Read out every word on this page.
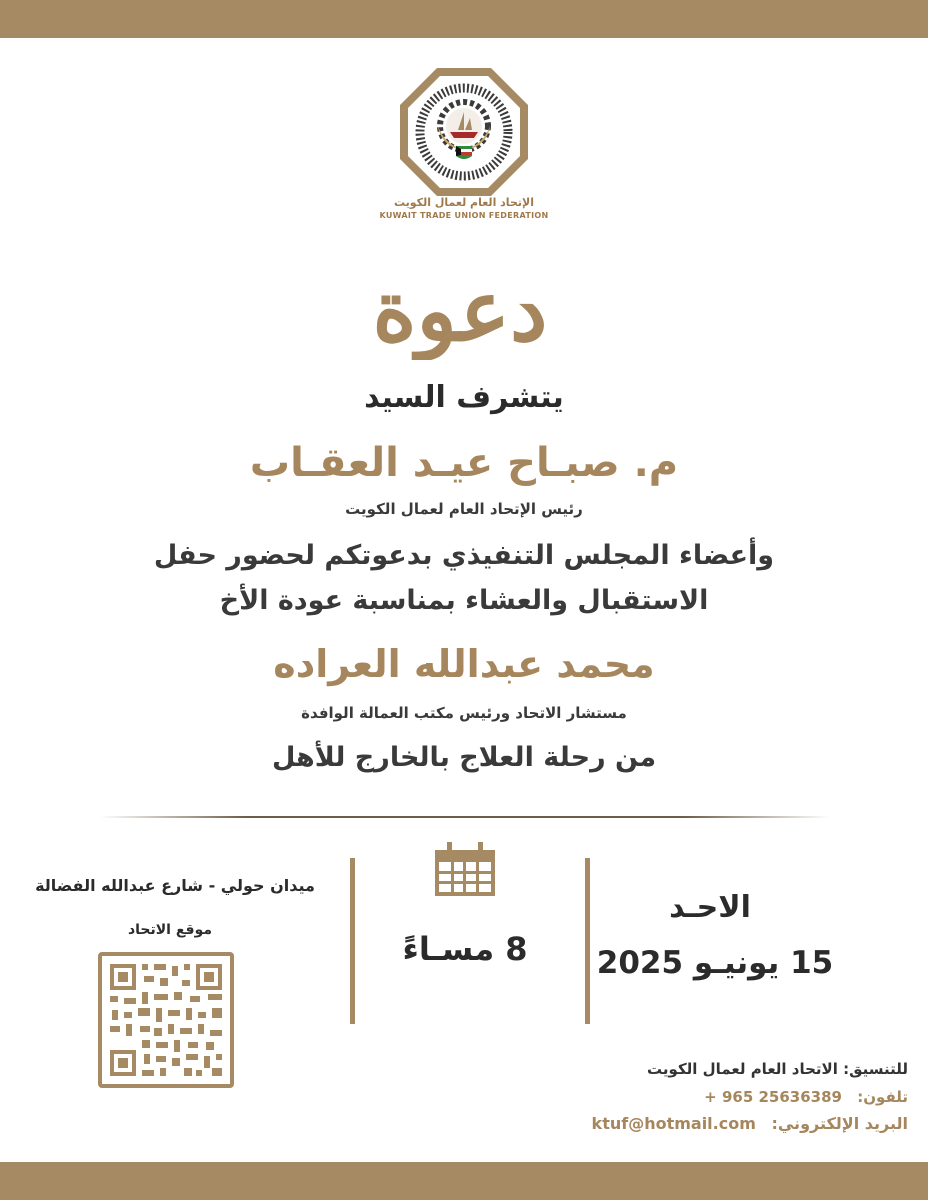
الإتحاد العام لعمال الكويت
KUWAIT TRADE UNION FEDERATION
دعوة
يتشرف السيد
م. صبـاح عيـد العقـاب
رئيس الإتحاد العام لعمال الكويت
وأعضاء المجلس التنفيذي بدعوتكم لحضور حفل
الاستقبال والعشاء بمناسبة عودة الأخ
محمد عبدالله العراده
مستشار الاتحاد ورئيس مكتب العمالة الوافدة
من رحلة العلاج بالخارج للأهل
الاحـد
15 يونيـو 2025
8 مسـاءً
ميدان حولي - شارع عبدالله الفضالة
موقع الاتحاد
للتنسيق: الاتحاد العام لعمال الكويت
تلفون: + 965 25636389
البريد الإلكتروني: ktuf@hotmail.com
